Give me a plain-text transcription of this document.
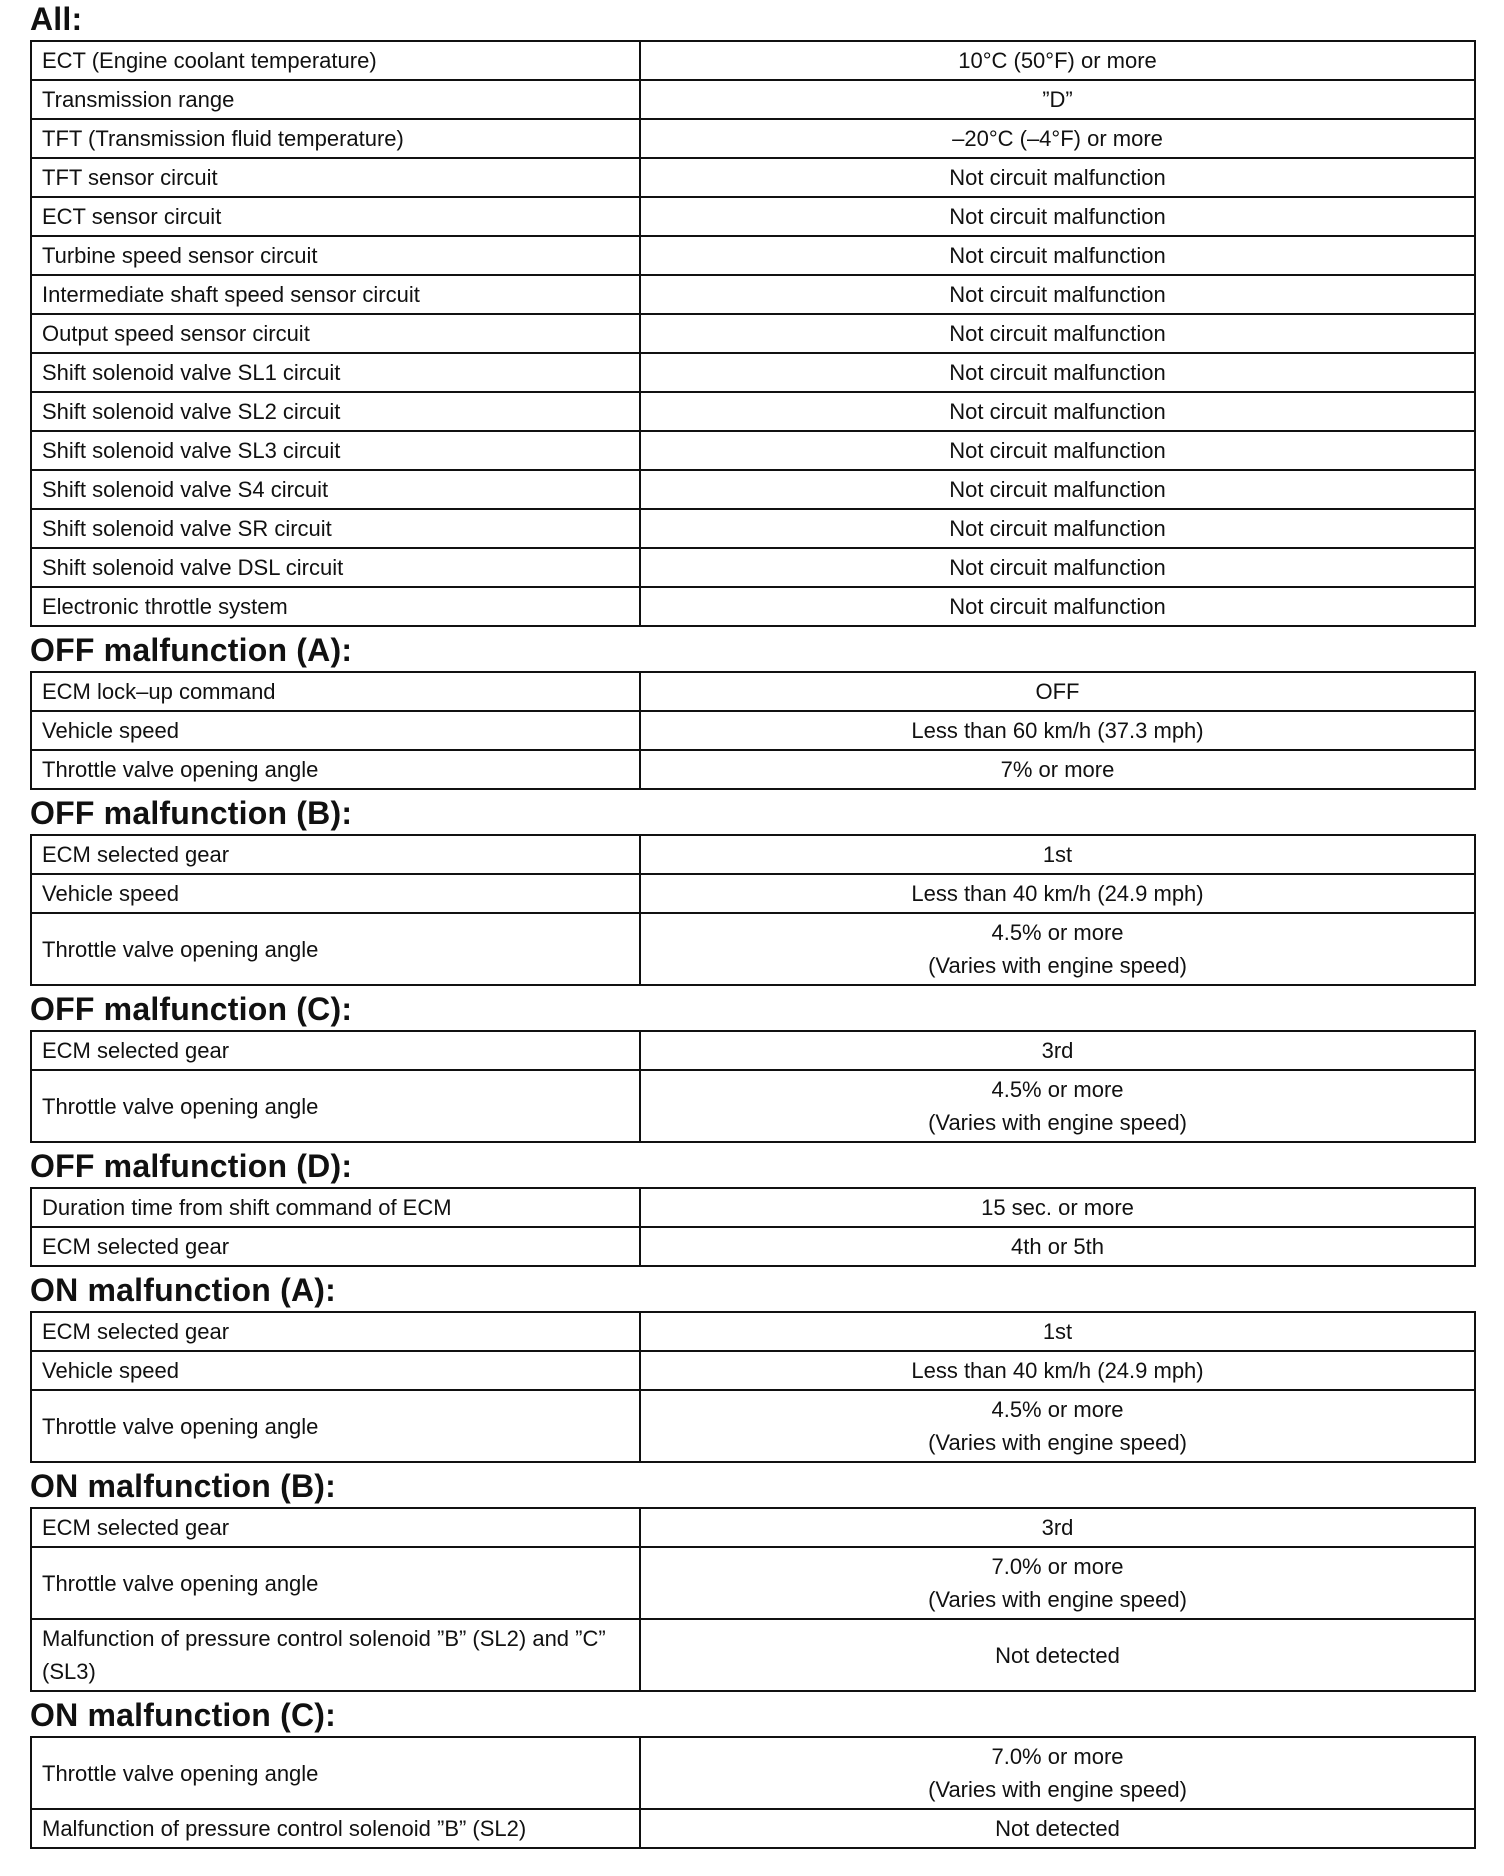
All:
ECT (Engine coolant temperature)	10°C (50°F) or more

Transmission range	”D”

TFT (Transmission fluid temperature)	–20°C (–4°F) or more

TFT sensor circuit	Not circuit malfunction

ECT sensor circuit	Not circuit malfunction

Turbine speed sensor circuit	Not circuit malfunction

Intermediate shaft speed sensor circuit	Not circuit malfunction

Output speed sensor circuit	Not circuit malfunction

Shift solenoid valve SL1 circuit	Not circuit malfunction

Shift solenoid valve SL2 circuit	Not circuit malfunction

Shift solenoid valve SL3 circuit	Not circuit malfunction

Shift solenoid valve S4 circuit	Not circuit malfunction

Shift solenoid valve SR circuit	Not circuit malfunction

Shift solenoid valve DSL circuit	Not circuit malfunction

Electronic throttle system	Not circuit malfunction
OFF malfunction (A):
ECM lock–up command	OFF

Vehicle speed	Less than 60 km/h (37.3 mph)

Throttle valve opening angle	7% or more
OFF malfunction (B):
ECM selected gear	1st

Vehicle speed	Less than 40 km/h (24.9 mph)

Throttle valve opening angle	4.5% or more
(Varies with engine speed)
OFF malfunction (C):
ECM selected gear	3rd

Throttle valve opening angle	4.5% or more
(Varies with engine speed)
OFF malfunction (D):
Duration time from shift command of ECM	15 sec. or more

ECM selected gear	4th or 5th
ON malfunction (A):
ECM selected gear	1st

Vehicle speed	Less than 40 km/h (24.9 mph)

Throttle valve opening angle	4.5% or more
(Varies with engine speed)
ON malfunction (B):
ECM selected gear	3rd

Throttle valve opening angle	7.0% or more
(Varies with engine speed)

Malfunction of pressure control solenoid ”B” (SL2) and ”C” (SL3)	Not detected
ON malfunction (C):
Throttle valve opening angle	7.0% or more
(Varies with engine speed)

Malfunction of pressure control solenoid ”B” (SL2)	Not detected
